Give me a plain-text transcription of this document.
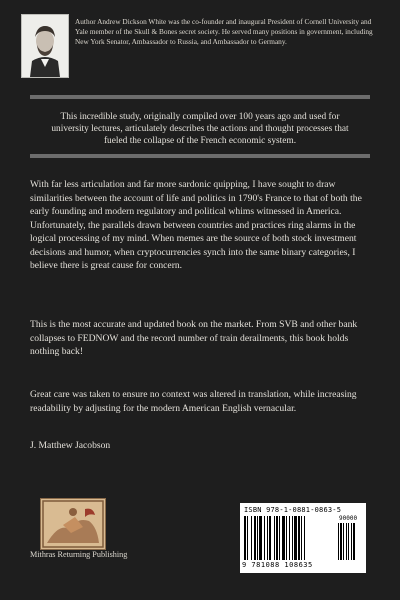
Author Andrew Dickson White was the co-founder and inaugural President of Cornell University and Yale member of the Skull & Bones secret society. He served many positions in government, including New York Senator, Ambassador to Russia, and Ambassador to Germany.
This incredible study, originally compiled over 100 years ago and used for university lectures, articulately describes the actions and thought processes that fueled the collapse of the French economic system.

With far less articulation and far more sardonic quipping, I have sought to draw similarities between the account of life and politics in 1790's France to that of both the early founding and modern regulatory and political whims witnessed in America. Unfortunately, the parallels drawn between countries and practices ring alarms in the logical processing of my mind. When memes are the source of both stock investment decisions and humor, when cryptocurrencies synch into the same binary categories, I believe there is great cause for concern.

This is the most accurate and updated book on the market. From SVB and other bank collapses to FEDNOW and the record number of train derailments, this book holds nothing back!

Great care was taken to ensure no context was altered in translation, while increasing readability by adjusting for the modern American English vernacular.

J. Matthew Jacobson
Mithras Returning Publishing
ISBN 978-1-0881-0863-5
90000
9 781088 108635
